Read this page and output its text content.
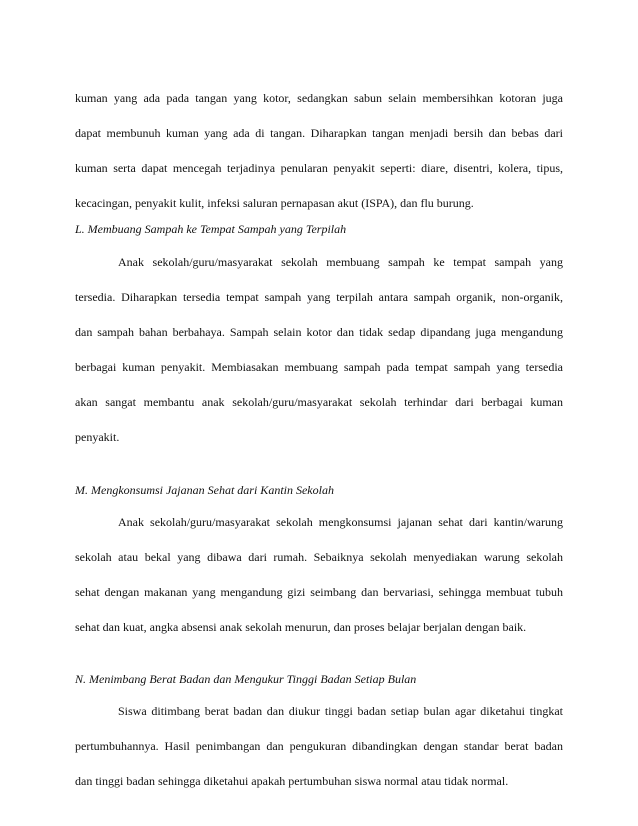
kuman yang ada pada tangan yang kotor, sedangkan sabun selain membersihkan kotoran juga
dapat membunuh kuman yang ada di tangan. Diharapkan tangan menjadi bersih dan bebas dari
kuman serta dapat mencegah terjadinya penularan penyakit seperti: diare, disentri, kolera, tipus,
kecacingan, penyakit kulit, infeksi saluran pernapasan akut (ISPA), dan flu burung.
L. Membuang Sampah ke Tempat Sampah yang Terpilah
Anak sekolah/guru/masyarakat sekolah membuang sampah ke tempat sampah yang
tersedia. Diharapkan tersedia tempat sampah yang terpilah antara sampah organik, non-organik,
dan sampah bahan berbahaya. Sampah selain kotor dan tidak sedap dipandang juga mengandung
berbagai kuman penyakit. Membiasakan membuang sampah pada tempat sampah yang tersedia
akan sangat membantu anak sekolah/guru/masyarakat sekolah terhindar dari berbagai kuman
penyakit.
M. Mengkonsumsi Jajanan Sehat dari Kantin Sekolah
Anak sekolah/guru/masyarakat sekolah mengkonsumsi jajanan sehat dari kantin/warung
sekolah atau bekal yang dibawa dari rumah. Sebaiknya sekolah menyediakan warung sekolah
sehat dengan makanan yang mengandung gizi seimbang dan bervariasi, sehingga membuat tubuh
sehat dan kuat, angka absensi anak sekolah menurun, dan proses belajar berjalan dengan baik.
N. Menimbang Berat Badan dan Mengukur Tinggi Badan Setiap Bulan
Siswa ditimbang berat badan dan diukur tinggi badan setiap bulan agar diketahui tingkat
pertumbuhannya. Hasil penimbangan dan pengukuran dibandingkan dengan standar berat badan
dan tinggi badan sehingga diketahui apakah pertumbuhan siswa normal atau tidak normal.
